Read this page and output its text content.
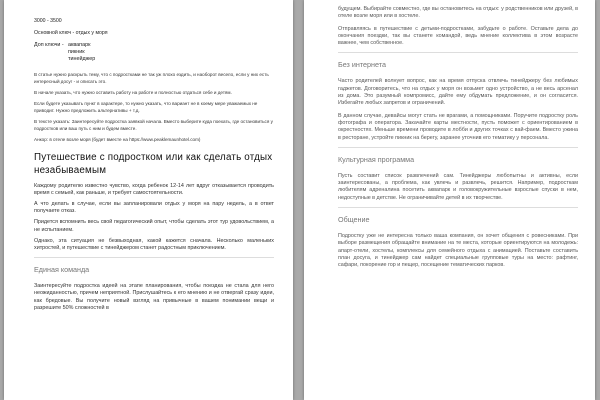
3000 - 3500

Основной ключ - отдых у моря

Доп ключи - аквапарк
пикник
тинейджер

В статье нужно раскрыть тему, что с подростками не так уж плохо ездить, и наоборот весело, если у них есть интересный досуг - и описать это.

В начале указать, что нужно оставить работу на работе и полностью отдаться себе и детям.

Если будете указывать пункт в характере, то нужно указать, что вариант не в коему мере уважаемых не приводит. Нужно предложить альтернативы + т.д.

В тексте указать: Заинтересуйте подростка заявкой начала. Вместо выберите куда поехать, где остановиться у подростков или ваш путь с ним и будем вместе.

Анкор: в отеле возле моря (будет вместе на https://www.peaklemaunhotel.com)

Путешествие с подростком или как сделать отдых незабываемым

Каждому родителю известно чувство, когда ребенок 12-14 лет вдруг отказывается проводить время с семьей, как раньше, и требует самостоятельности.

А что делать в случае, если вы запланировали отдых у моря на пару недель, а в ответ получаете отказ.

Придется вспомнить весь свой педагогический опыт, чтобы сделать этот тур удовольствием, а не испытанием.

Однако, эта ситуация не безвыходная, какой кажется сначала. Несколько маленьких хитростей, и путешествие с тинейджером станет радостным приключением.

Единая команда

Заинтересуйте подростка идеей на этапе планирования, чтобы поездка не стала для него неожиданностью, причем неприятной. Прислушайтесь к его мнению и не отвергай сразу идеи, как бредовые. Вы получите новый взгляд на привычные в вашем понимании вещи и разрешите 50% сложностей в

будущем. Выбирайте совместно, где вы остановитесь на отдых: у родственников или друзей, в отеле возле моря или в хостеле.

Отправляясь в путешествие с детьми-подростками, забудьте о работе. Оставьте дела до окончания поездки, так вы станете командой, ведь мнение коллектива в этом возрасте важнее, чем собственное.

Без интернета

Часто родителей волнует вопрос, как на время отпуска отвлечь тинейджеру без любимых гаджетов. Договоритесь, что на отдых у моря он возьмет одно устройство, а не весь арсенал из дома. Это разумный компромисс, дайте ему обдумать предложение, и он согласится. Избегайте любых запретов и ограничений.

В данном случае, девайсы могут стать не врагами, а помощниками. Поручите подростку роль фотографа и оператора. Закачайте карты местности, пусть поможет с ориентированием в окрестностях. Меньше времени проводите в лобби и других точках с вай-фаем. Вместо ужина в ресторане, устройте пикник на берегу, заранее уточнив его тематику у персонала.

Культурная программа

Пусть составит список развлечений сам. Тинейджеры любопытны и активны, если заинтересованы, а проблема, как увлечь и развлечь, решится. Например, подросткам любителям адреналина посетить аквапарк и головокружительные взрослые спуски в нем, недоступные в детстве. Не ограничивайте детей в их творчестве.

Общение

Подростку уже не интересна только ваша компания, он хочет общения с ровесниками. При выборе размещения обращайте внимание на те места, которые ориентируются на молодежь: апарт-отели, хостелы, комплексы для семейного отдыха с анимацией. Поставьте составить план досуга, и тинейджер сам найдет специальные групповые туры на место: рафтинг, сафари, покорение гор и пещер, посещение тематических парков.
